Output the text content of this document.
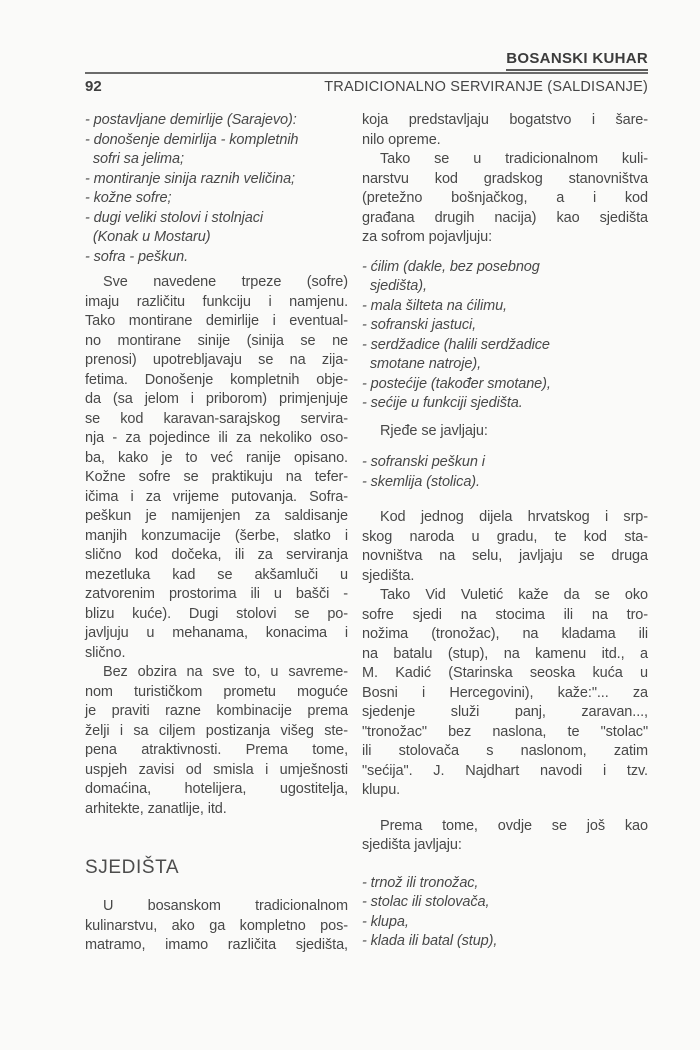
BOSANSKI KUHAR
92	TRADICIONALNO SERVIRANJE (SALDISANJE)
- postavljane demirlije (Sarajevo):
- donošenje demirlija - kompletnih
sofri sa jelima;
- montiranje sinija raznih veličina;
- kožne sofre;
- dugi veliki stolovi i stolnjaci
(Konak u Mostaru)
- sofra - peškun.
Sve navedene trpeze (sofre)
imaju različitu funkciju i namjenu.
Tako montirane demirlije i eventual-
no montirane sinije (sinija se ne
prenosi) upotrebljavaju se na zija-
fetima. Donošenje kompletnih obje-
da (sa jelom i priborom) primjenjuje
se kod karavan-sarajskog servira-
nja - za pojedince ili za nekoliko oso-
ba, kako je to već ranije opisano.
Kožne sofre se praktikuju na tefer-
ičima i za vrijeme putovanja. Sofra-
peškun je namijenjen za saldisanje
manjih konzumacije (šerbe, slatko i
slično kod dočeka, ili za serviranja
mezetluka kad se akšamluči u
zatvorenim prostorima ili u bašči -
blizu kuće). Dugi stolovi se po-
javljuju u mehanama, konacima i
slično.
Bez obzira na sve to, u savreme-
nom turističkom prometu moguće
je praviti razne kombinacije prema
želji i sa ciljem postizanja višeg ste-
pena atraktivnosti. Prema tome,
uspjeh zavisi od smisla i umješnosti
domaćina, hotelijera, ugostitelja,
arhitekte, zanatlije, itd.
SJEDIŠTA
U bosanskom tradicionalnom
kulinarstvu, ako ga kompletno pos-
matramo, imamo različita sjedišta,
koja predstavljaju bogatstvo i šare-
nilo opreme.
Tako se u tradicionalnom kuli-
narstvu kod gradskog stanovništva
(pretežno bošnjačkog, a i kod
građana drugih nacija) kao sjedišta
za sofrom pojavljuju:
- ćilim (dakle, bez posebnog
sjedišta),
- mala šilteta na ćilimu,
- sofranski jastuci,
- serdžadice (halili serdžadice
smotane natroje),
- postećije (također smotane),
- sećije u funkciji sjedišta.
Rjeđe se javljaju:
- sofranski peškun i
- skemlija (stolica).
Kod jednog dijela hrvatskog i srp-
skog naroda u gradu, te kod sta-
novništva na selu, javljaju se druga
sjedišta.
Tako Vid Vuletić kaže da se oko
sofre sjedi na stocima ili na tro-
nožima (tronožac), na kladama ili
na batalu (stup), na kamenu itd., a
M. Kadić (Starinska seoska kuća u
Bosni i Hercegovini), kaže:"... za
sjedenje služi panj, zaravan...,
"tronožac" bez naslona, te "stolac"
ili stolovača s naslonom, zatim
"sećija". J. Najdhart navodi i tzv.
klupu.
Prema tome, ovdje se još kao
sjedišta javljaju:
- trnož ili tronožac,
- stolac ili stolovača,
- klupa,
- klada ili batal (stup),
